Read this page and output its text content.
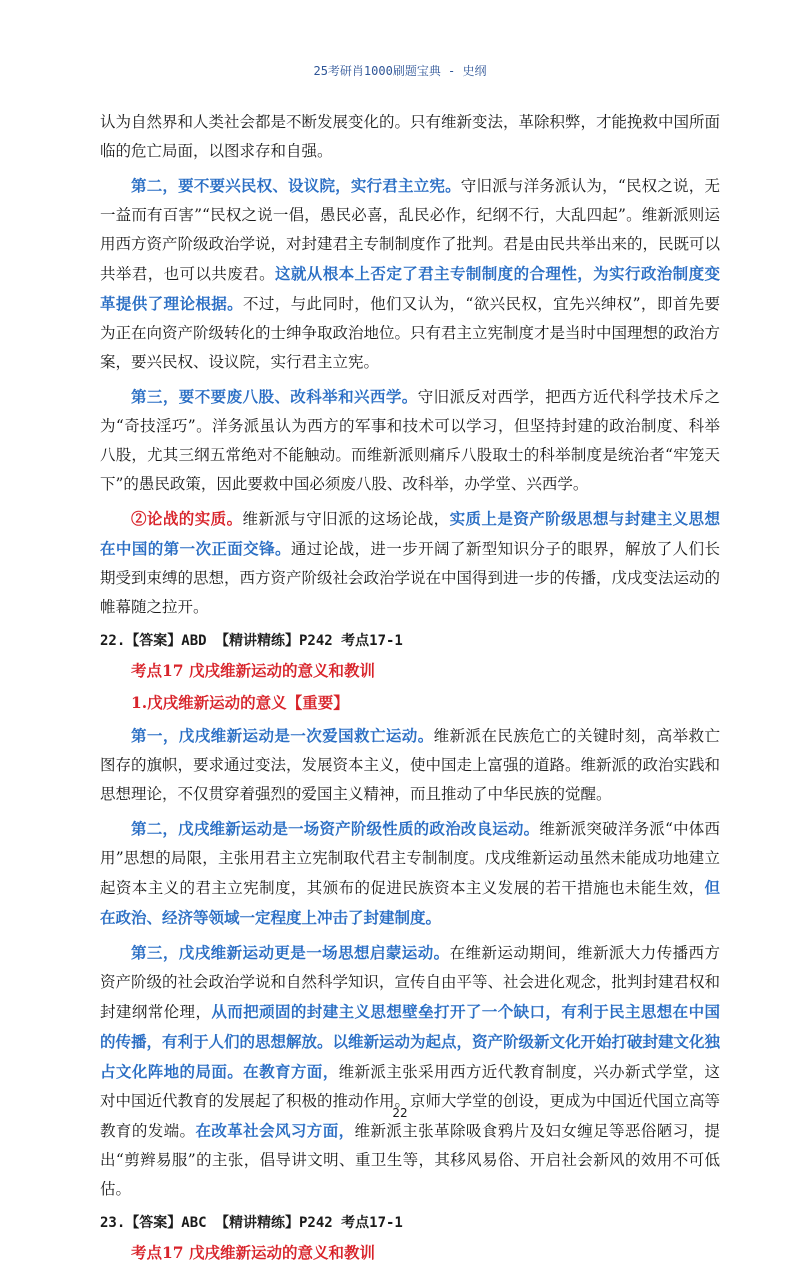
25考研肖1000刷题宝典 - 史纲

认为自然界和人类社会都是不断发展变化的。只有维新变法，革除积弊，才能挽救中国所面临的危亡局面，以图求存和自强。

第二，要不要兴民权、设议院，实行君主立宪。守旧派与洋务派认为，“民权之说，无一益而有百害”“民权之说一倡，愚民必喜，乱民必作，纪纲不行，大乱四起”。维新派则运用西方资产阶级政治学说，对封建君主专制制度作了批判。君是由民共举出来的，民既可以共举君，也可以共废君。这就从根本上否定了君主专制制度的合理性，为实行政治制度变革提供了理论根据。不过，与此同时，他们又认为，“欲兴民权，宜先兴绅权”，即首先要为正在向资产阶级转化的士绅争取政治地位。只有君主立宪制度才是当时中国理想的政治方案，要兴民权、设议院，实行君主立宪。

第三，要不要废八股、改科举和兴西学。守旧派反对西学，把西方近代科学技术斥之为“奇技淫巧”。洋务派虽认为西方的军事和技术可以学习，但坚持封建的政治制度、科举八股，尤其三纲五常绝对不能触动。而维新派则痛斥八股取士的科举制度是统治者“牢笼天下”的愚民政策，因此要救中国必须废八股、改科举，办学堂、兴西学。

②论战的实质。维新派与守旧派的这场论战，实质上是资产阶级思想与封建主义思想在中国的第一次正面交锋。通过论战，进一步开阔了新型知识分子的眼界，解放了人们长期受到束缚的思想，西方资产阶级社会政治学说在中国得到进一步的传播，戊戌变法运动的帷幕随之拉开。

22.【答案】ABD 【精讲精练】P242 考点17-1
考点17 戊戌维新运动的意义和教训
1.戊戌维新运动的意义【重要】

第一，戊戌维新运动是一次爱国救亡运动。维新派在民族危亡的关键时刻，高举救亡图存的旗帜，要求通过变法，发展资本主义，使中国走上富强的道路。维新派的政治实践和思想理论，不仅贯穿着强烈的爱国主义精神，而且推动了中华民族的觉醒。

第二，戊戌维新运动是一场资产阶级性质的政治改良运动。维新派突破洋务派“中体西用”思想的局限，主张用君主立宪制取代君主专制制度。戊戌维新运动虽然未能成功地建立起资本主义的君主立宪制度，其颁布的促进民族资本主义发展的若干措施也未能生效，但在政治、经济等领域一定程度上冲击了封建制度。

第三，戊戌维新运动更是一场思想启蒙运动。在维新运动期间，维新派大力传播西方资产阶级的社会政治学说和自然科学知识，宣传自由平等、社会进化观念，批判封建君权和封建纲常伦理，从而把顽固的封建主义思想壁垒打开了一个缺口，有利于民主思想在中国的传播，有利于人们的思想解放。以维新运动为起点，资产阶级新文化开始打破封建文化独占文化阵地的局面。在教育方面，维新派主张采用西方近代教育制度，兴办新式学堂，这对中国近代教育的发展起了积极的推动作用。京师大学堂的创设，更成为中国近代国立高等教育的发端。在改革社会风习方面，维新派主张革除吸食鸦片及妇女缠足等恶俗陋习，提出“剪辫易服”的主张，倡导讲文明、重卫生等，其移风易俗、开启社会新风的效用不可低估。

23.【答案】ABC 【精讲精练】P242 考点17-1
考点17 戊戌维新运动的意义和教训
22
